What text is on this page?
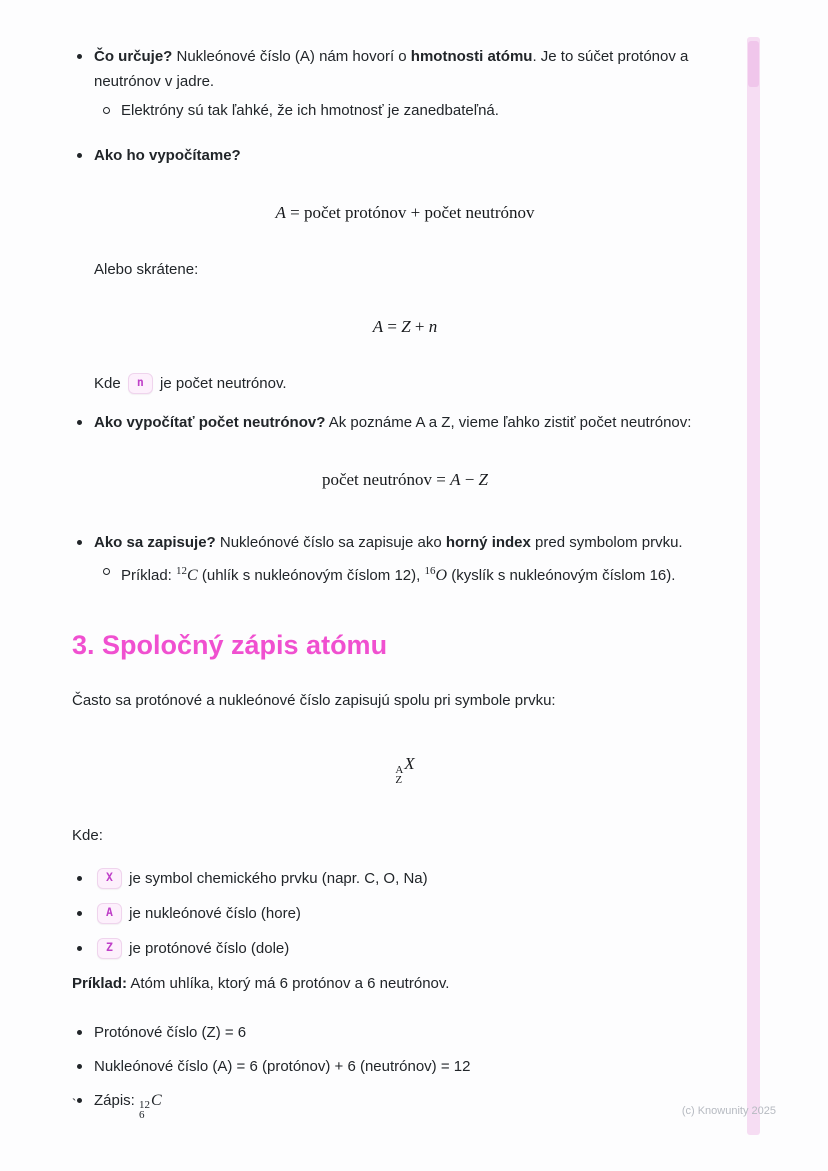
Čo určuje? Nukleónové číslo (A) nám hovorí o hmotnosti atómu. Je to súčet protónov a neutrónov v jadre.
Elektróny sú tak ľahké, že ich hmotnosť je zanedbateľná.
Ako ho vypočítame?
A = počet protónov + počet neutrónov
Alebo skrátene:
A = Z + n
Kde n je počet neutrónov.
Ako vypočítať počet neutrónov? Ak poznáme A a Z, vieme ľahko zistiť počet neutrónov:
počet neutrónov = A − Z
Ako sa zapisuje? Nukleónové číslo sa zapisuje ako horný index pred symbolom prvku.
Príklad: $^{12}$C (uhlík s nukleónovým číslom 12), $^{16}$O (kyslík s nukleónovým číslom 16).
3. Spoločný zápis atómu
Často sa protónové a nukleónové číslo zapisujú spolu pri symbole prvku:
A
Z
X
Kde:
X je symbol chemického prvku (napr. C, O, Na)
A je nukleónové číslo (hore)
Z je protónové číslo (dole)
Príklad: Atóm uhlíka, ktorý má 6 protónov a 6 neutrónov.
Protónové číslo (Z) = 6
Nukleónové číslo (A) = 6 (protónov) + 6 (neutrónov) = 12
Zápis: 12
6
C
`	(c) Knowunity 2025
